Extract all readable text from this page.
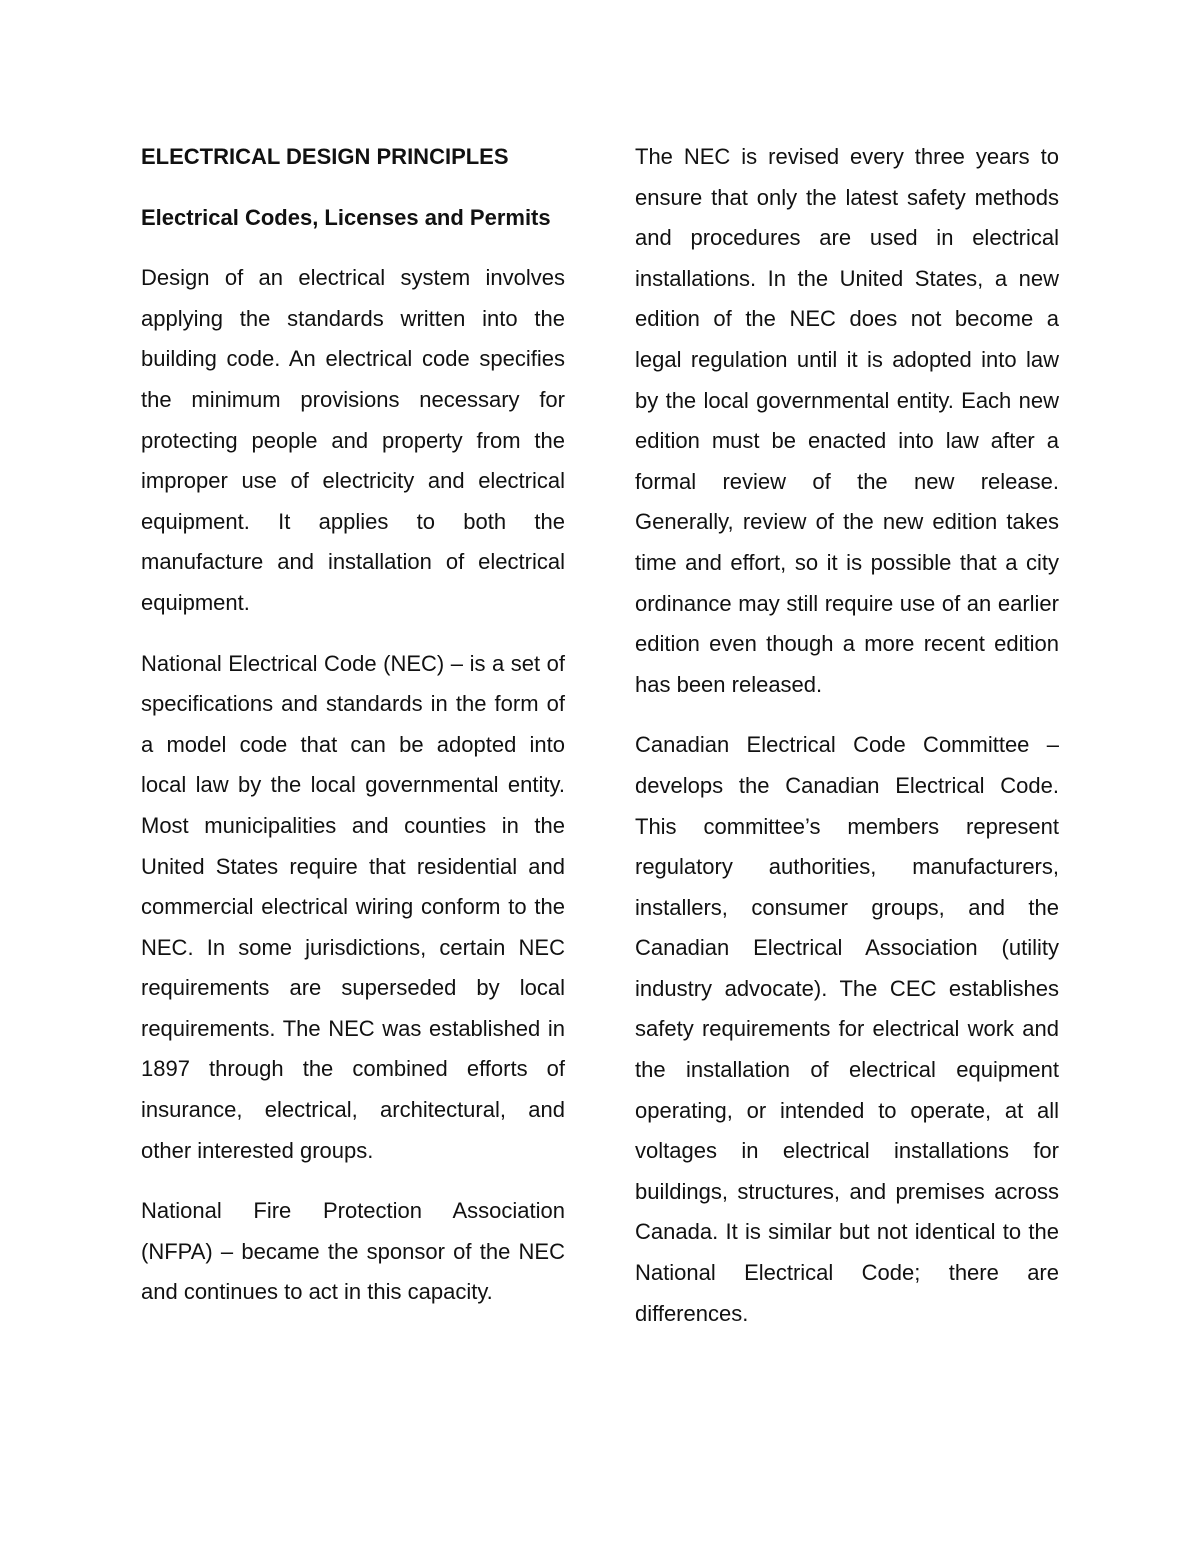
ELECTRICAL DESIGN PRINCIPLES

Electrical Codes, Licenses and Permits

Design of an electrical system involves applying the standards written into the building code. An electrical code specifies the minimum provisions necessary for protecting people and property from the improper use of electricity and electrical equipment. It applies to both the manufacture and installation of electrical equipment.

National Electrical Code (NEC) – is a set of specifications and standards in the form of a model code that can be adopted into local law by the local governmental entity. Most municipalities and counties in the United States require that residential and commercial electrical wiring conform to the NEC. In some jurisdictions, certain NEC requirements are superseded by local requirements. The NEC was established in 1897 through the combined efforts of insurance, electrical, architectural, and other interested groups.

National Fire Protection Association (NFPA) – became the sponsor of the NEC and continues to act in this capacity.

The NEC is revised every three years to ensure that only the latest safety methods and procedures are used in electrical installations. In the United States, a new edition of the NEC does not become a legal regulation until it is adopted into law by the local governmental entity. Each new edition must be enacted into law after a formal review of the new release. Generally, review of the new edition takes time and effort, so it is possible that a city ordinance may still require use of an earlier edition even though a more recent edition has been released.

Canadian Electrical Code Committee – develops the Canadian Electrical Code. This committee’s members represent regulatory authorities, manufacturers, installers, consumer groups, and the Canadian Electrical Association (utility industry advocate). The CEC establishes safety requirements for electrical work and the installation of electrical equipment operating, or intended to operate, at all voltages in electrical installations for buildings, structures, and premises across Canada. It is similar but not identical to the National Electrical Code; there are differences.
